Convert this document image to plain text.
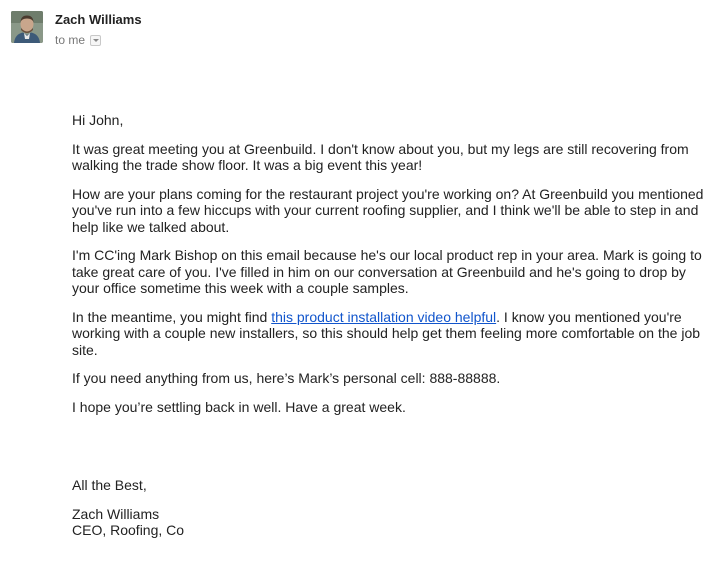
Zach Williams
to me

Hi John,

It was great meeting you at Greenbuild. I don't know about you, but my legs are still recovering from walking the trade show floor. It was a big event this year!

How are your plans coming for the restaurant project you're working on? At Greenbuild you mentioned you've run into a few hiccups with your current roofing supplier, and I think we'll be able to step in and help like we talked about.

I'm CC'ing Mark Bishop on this email because he's our local product rep in your area. Mark is going to take great care of you. I've filled in him on our conversation at Greenbuild and he's going to drop by your office sometime this week with a couple samples.

In the meantime, you might find this product installation video helpful. I know you mentioned you're working with a couple new installers, so this should help get them feeling more comfortable on the job site.

If you need anything from us, here’s Mark’s personal cell: 888-88888.

I hope you’re settling back in well. Have a great week.

All the Best,

Zach Williams

CEO, Roofing, Co
